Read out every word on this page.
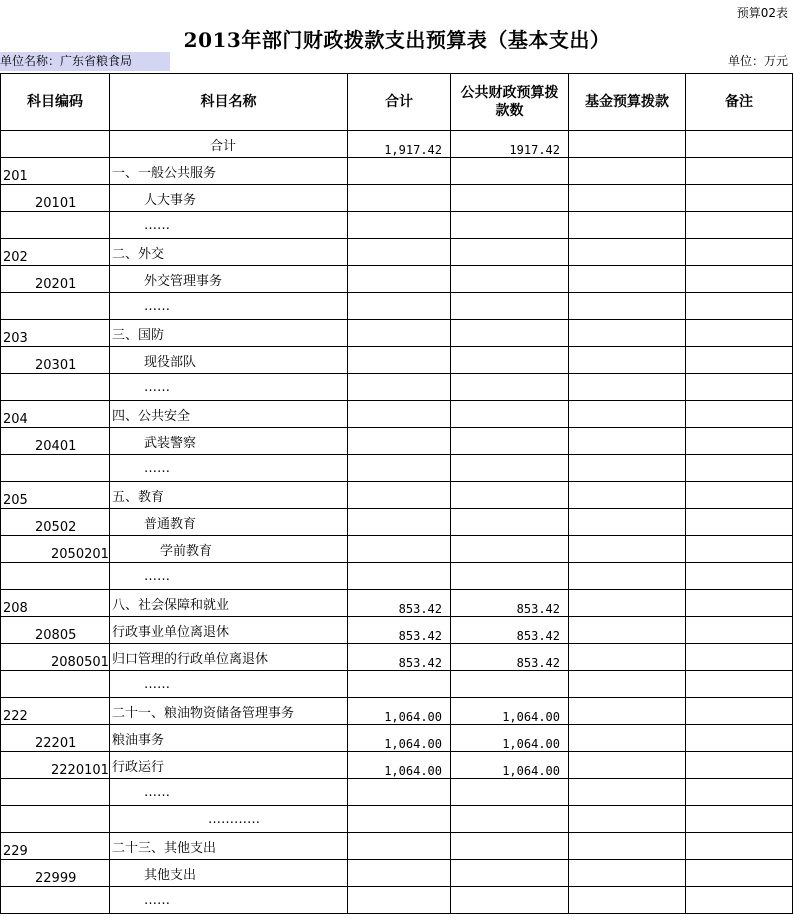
预算02表
2013年部门财政拨款支出预算表（基本支出）
单位名称：广东省粮食局	单位：万元
科目编码	科目名称	合计	公共财政预算拨款数	基金预算拨款	备注
	合计	1,917.42	1917.42		
201	一、一般公共服务				
20101	人大事务				
	……				
202	二、外交				
20201	外交管理事务				
	……				
203	三、国防				
20301	现役部队				
	……				
204	四、公共安全				
20401	武装警察				
	……				
205	五、教育				
20502	普通教育				
2050201	学前教育				
	……				
208	八、社会保障和就业	853.42	853.42		
20805	行政事业单位离退休	853.42	853.42		
2080501	归口管理的行政单位离退休	853.42	853.42		
	……				
222	二十一、粮油物资储备管理事务	1,064.00	1,064.00		
22201	粮油事务	1,064.00	1,064.00		
2220101	行政运行	1,064.00	1,064.00		
	……				
	…………				
229	二十三、其他支出				
22999	其他支出				
	……				
